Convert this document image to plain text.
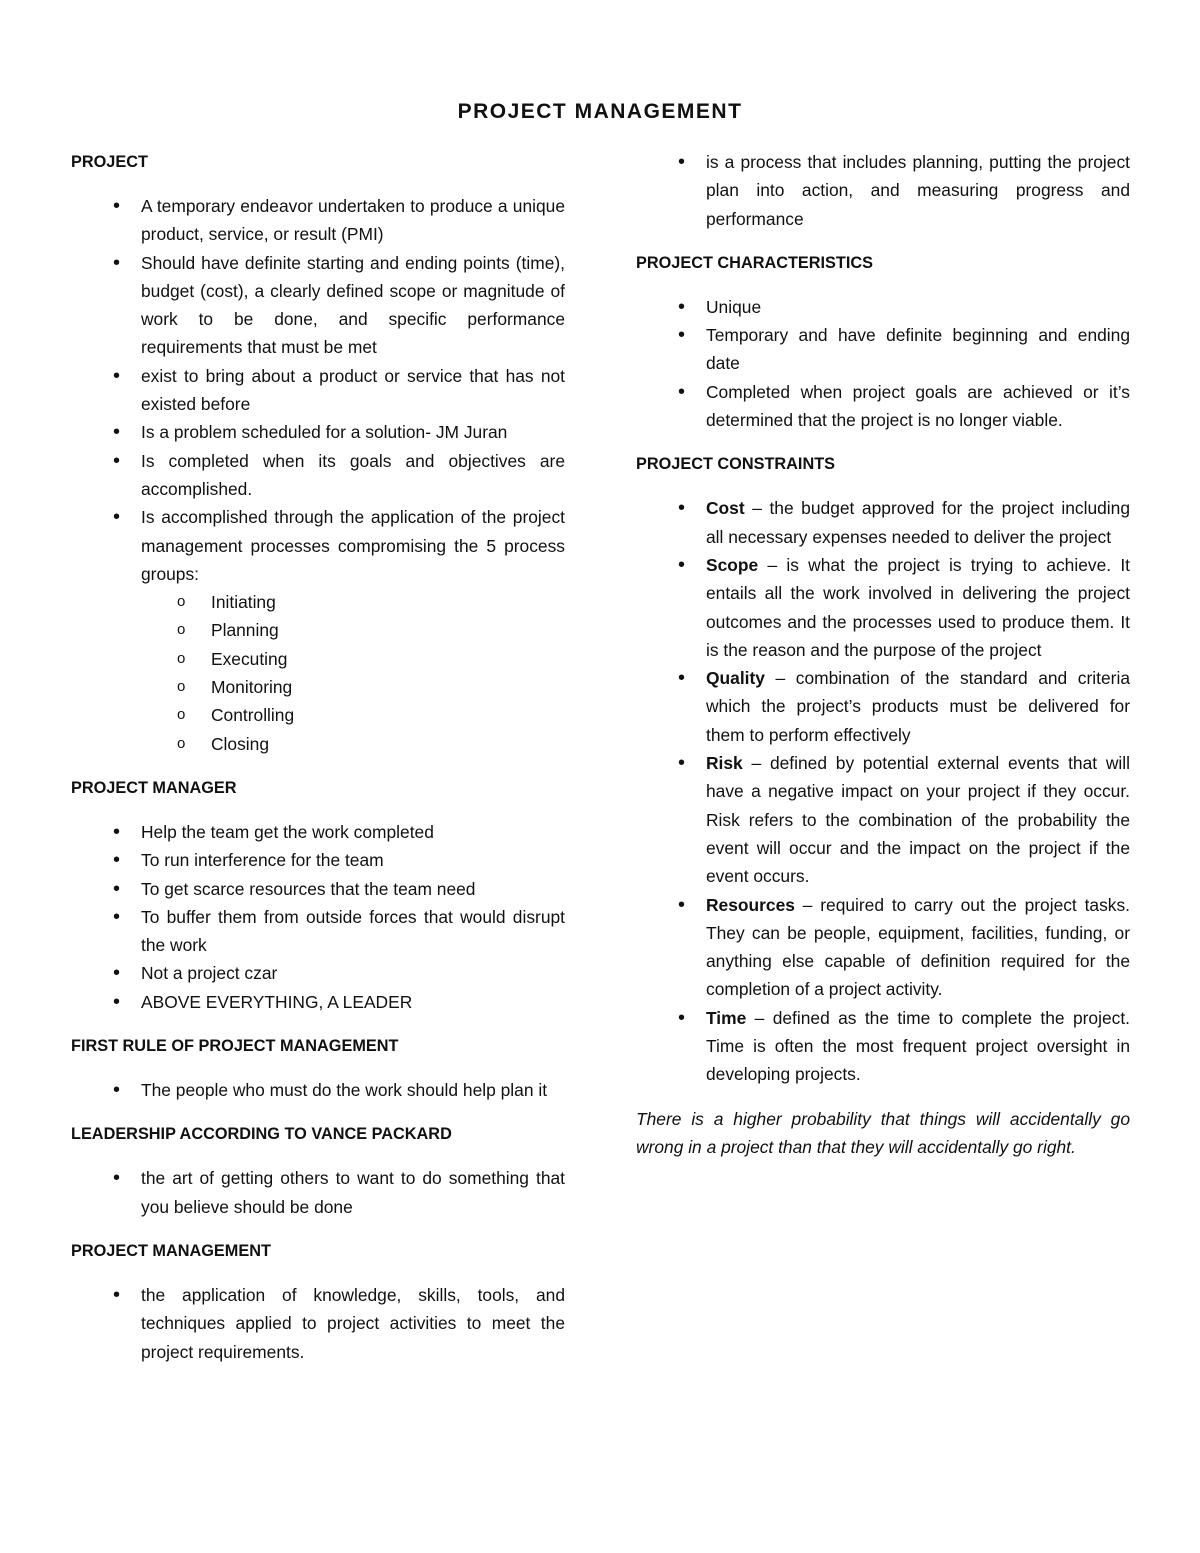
PROJECT MANAGEMENT
PROJECT
• A temporary endeavor undertaken to produce a unique product, service, or result (PMI)
• Should have definite starting and ending points (time), budget (cost), a clearly defined scope or magnitude of work to be done, and specific performance requirements that must be met
• exist to bring about a product or service that has not existed before
• Is a problem scheduled for a solution- JM Juran
• Is completed when its goals and objectives are accomplished.
• Is accomplished through the application of the project management processes compromising the 5 process groups:
o Initiating
o Planning
o Executing
o Monitoring
o Controlling
o Closing
PROJECT MANAGER
• Help the team get the work completed
• To run interference for the team
• To get scarce resources that the team need
• To buffer them from outside forces that would disrupt the work
• Not a project czar
• ABOVE EVERYTHING, A LEADER
FIRST RULE OF PROJECT MANAGEMENT
• The people who must do the work should help plan it
LEADERSHIP ACCORDING TO VANCE PACKARD
• the art of getting others to want to do something that you believe should be done
PROJECT MANAGEMENT
• the application of knowledge, skills, tools, and techniques applied to project activities to meet the project requirements.
• is a process that includes planning, putting the project plan into action, and measuring progress and performance
PROJECT CHARACTERISTICS
• Unique
• Temporary and have definite beginning and ending date
• Completed when project goals are achieved or it’s determined that the project is no longer viable.
PROJECT CONSTRAINTS
• Cost – the budget approved for the project including all necessary expenses needed to deliver the project
• Scope – is what the project is trying to achieve. It entails all the work involved in delivering the project outcomes and the processes used to produce them. It is the reason and the purpose of the project
• Quality – combination of the standard and criteria which the project’s products must be delivered for them to perform effectively
• Risk – defined by potential external events that will have a negative impact on your project if they occur. Risk refers to the combination of the probability the event will occur and the impact on the project if the event occurs.
• Resources – required to carry out the project tasks. They can be people, equipment, facilities, funding, or anything else capable of definition required for the completion of a project activity.
• Time – defined as the time to complete the project. Time is often the most frequent project oversight in developing projects.

There is a higher probability that things will accidentally go wrong in a project than that they will accidentally go right.
